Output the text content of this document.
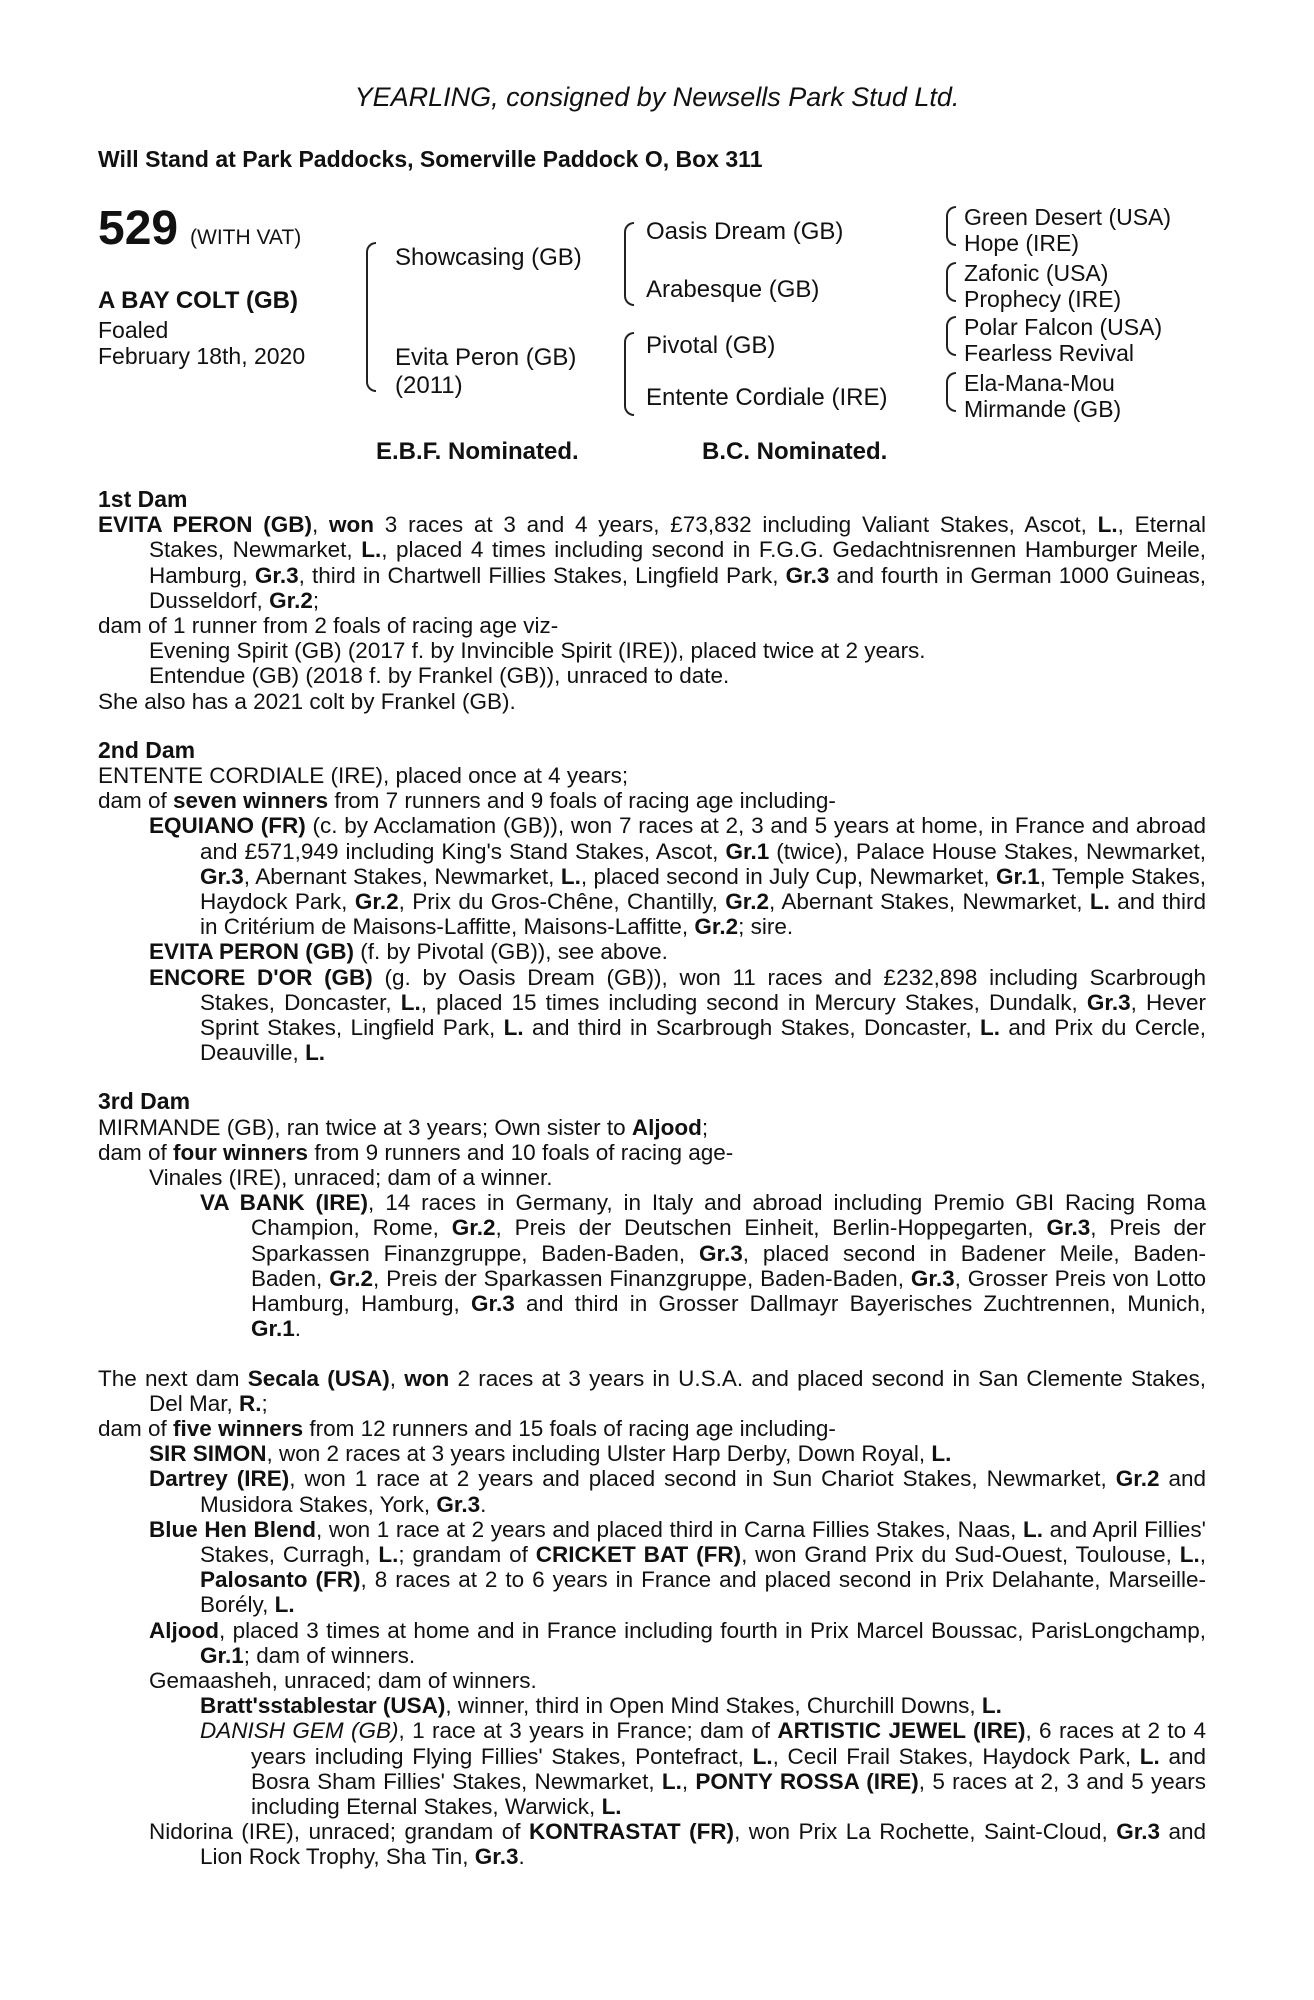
YEARLING, consigned by Newsells Park Stud Ltd.
Will Stand at Park Paddocks, Somerville Paddock O, Box 311
529 (WITH VAT)
A BAY COLT (GB)
Foaled
February 18th, 2020
Showcasing (GB)
Evita Peron (GB)
(2011)
Oasis Dream (GB)
Arabesque (GB)
Pivotal (GB)
Entente Cordiale (IRE)
Green Desert (USA)
Hope (IRE)
Zafonic (USA)
Prophecy (IRE)
Polar Falcon (USA)
Fearless Revival
Ela-Mana-Mou
Mirmande (GB)
E.B.F. Nominated.	B.C. Nominated.
1st Dam
EVITA PERON (GB), won 3 races at 3 and 4 years, £73,832 including Valiant Stakes, Ascot, L., Eternal Stakes, Newmarket, L., placed 4 times including second in F.G.G. Gedachtnisrennen Hamburger Meile, Hamburg, Gr.3, third in Chartwell Fillies Stakes, Lingfield Park, Gr.3 and fourth in German 1000 Guineas, Dusseldorf, Gr.2;
dam of 1 runner from 2 foals of racing age viz-
Evening Spirit (GB) (2017 f. by Invincible Spirit (IRE)), placed twice at 2 years.
Entendue (GB) (2018 f. by Frankel (GB)), unraced to date.
She also has a 2021 colt by Frankel (GB).
2nd Dam
ENTENTE CORDIALE (IRE), placed once at 4 years;
dam of seven winners from 7 runners and 9 foals of racing age including-
EQUIANO (FR) (c. by Acclamation (GB)), won 7 races at 2, 3 and 5 years at home, in France and abroad and £571,949 including King's Stand Stakes, Ascot, Gr.1 (twice), Palace House Stakes, Newmarket, Gr.3, Abernant Stakes, Newmarket, L., placed second in July Cup, Newmarket, Gr.1, Temple Stakes, Haydock Park, Gr.2, Prix du Gros-Chêne, Chantilly, Gr.2, Abernant Stakes, Newmarket, L. and third in Critérium de Maisons-Laffitte, Maisons-Laffitte, Gr.2; sire.
EVITA PERON (GB) (f. by Pivotal (GB)), see above.
ENCORE D'OR (GB) (g. by Oasis Dream (GB)), won 11 races and £232,898 including Scarbrough Stakes, Doncaster, L., placed 15 times including second in Mercury Stakes, Dundalk, Gr.3, Hever Sprint Stakes, Lingfield Park, L. and third in Scarbrough Stakes, Doncaster, L. and Prix du Cercle, Deauville, L.
3rd Dam
MIRMANDE (GB), ran twice at 3 years; Own sister to Aljood;
dam of four winners from 9 runners and 10 foals of racing age-
Vinales (IRE), unraced; dam of a winner.
VA BANK (IRE), 14 races in Germany, in Italy and abroad including Premio GBI Racing Roma Champion, Rome, Gr.2, Preis der Deutschen Einheit, Berlin-Hoppegarten, Gr.3, Preis der Sparkassen Finanzgruppe, Baden-Baden, Gr.3, placed second in Badener Meile, Baden-Baden, Gr.2, Preis der Sparkassen Finanzgruppe, Baden-Baden, Gr.3, Grosser Preis von Lotto Hamburg, Hamburg, Gr.3 and third in Grosser Dallmayr Bayerisches Zuchtrennen, Munich, Gr.1.
The next dam Secala (USA), won 2 races at 3 years in U.S.A. and placed second in San Clemente Stakes, Del Mar, R.;
dam of five winners from 12 runners and 15 foals of racing age including-
SIR SIMON, won 2 races at 3 years including Ulster Harp Derby, Down Royal, L.
Dartrey (IRE), won 1 race at 2 years and placed second in Sun Chariot Stakes, Newmarket, Gr.2 and Musidora Stakes, York, Gr.3.
Blue Hen Blend, won 1 race at 2 years and placed third in Carna Fillies Stakes, Naas, L. and April Fillies' Stakes, Curragh, L.; grandam of CRICKET BAT (FR), won Grand Prix du Sud-Ouest, Toulouse, L., Palosanto (FR), 8 races at 2 to 6 years in France and placed second in Prix Delahante, Marseille-Borély, L.
Aljood, placed 3 times at home and in France including fourth in Prix Marcel Boussac, ParisLongchamp, Gr.1; dam of winners.
Gemaasheh, unraced; dam of winners.
Bratt'sstablestar (USA), winner, third in Open Mind Stakes, Churchill Downs, L.
DANISH GEM (GB), 1 race at 3 years in France; dam of ARTISTIC JEWEL (IRE), 6 races at 2 to 4 years including Flying Fillies' Stakes, Pontefract, L., Cecil Frail Stakes, Haydock Park, L. and Bosra Sham Fillies' Stakes, Newmarket, L., PONTY ROSSA (IRE), 5 races at 2, 3 and 5 years including Eternal Stakes, Warwick, L.
Nidorina (IRE), unraced; grandam of KONTRASTAT (FR), won Prix La Rochette, Saint-Cloud, Gr.3 and Lion Rock Trophy, Sha Tin, Gr.3.
